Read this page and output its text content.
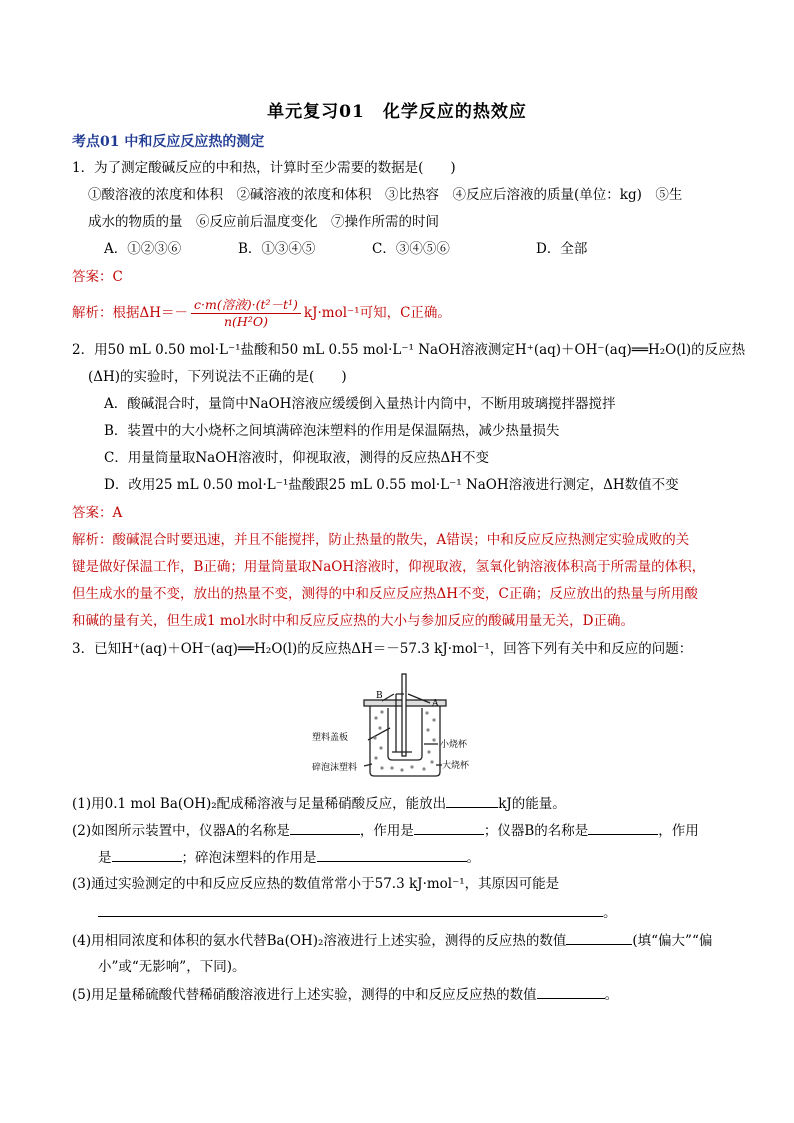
单元复习01　化学反应的热效应
考点01 中和反应反应热的测定
1．为了测定酸碱反应的中和热，计算时至少需要的数据是(　　)
①酸溶液的浓度和体积　②碱溶液的浓度和体积　③比热容　④反应后溶液的质量(单位：kg)　⑤生
成水的物质的量　⑥反应前后温度变化　⑦操作所需的时间
A．①②③⑥	B．①③④⑤	C．③④⑤⑥	D．全部
答案：C
解析：根据$\Delta H=- \frac{\text{c·m(溶液)·(t²－t¹)}}{\text{n(H²O)}} kJ\cdot mol^{-1}$可知，C正确。
2．用50 mL 0.50 mol·L⁻¹盐酸和50 mL 0.55 mol·L⁻¹ NaOH溶液测定H⁺(aq)＋OH⁻(aq)══H₂O(l)的反应热
(ΔH)的实验时，下列说法不正确的是(　　)
A．酸碱混合时，量筒中NaOH溶液应缓缓倒入量热计内筒中，不断用玻璃搅拌器搅拌
B．装置中的大小烧杯之间填满碎泡沫塑料的作用是保温隔热，减少热量损失
C．用量筒量取NaOH溶液时，仰视取液，测得的反应热ΔH不变
D．改用25 mL 0.50 mol·L⁻¹盐酸跟25 mL 0.55 mol·L⁻¹ NaOH溶液进行测定，ΔH数值不变
答案：A
解析：酸碱混合时要迅速，并且不能搅拌，防止热量的散失，A错误；中和反应反应热测定实验成败的关
键是做好保温工作，B正确；用量筒量取NaOH溶液时，仰视取液，氢氧化钠溶液体积高于所需量的体积，
但生成水的量不变，放出的热量不变，测得的中和反应反应热ΔH不变，C正确；反应放出的热量与所用酸
和碱的量有关，但生成1 mol水时中和反应反应热的大小与参加反应的酸碱用量无关，D正确。
3．已知H⁺(aq)＋OH⁻(aq)══H₂O(l)的反应热ΔH＝－57.3 kJ·mol⁻¹，回答下列有关中和反应的问题：
B
A
塑料盖板
小烧杯
碎泡沫塑料	大烧杯
(1)用0.1 mol Ba(OH)₂配成稀溶液与足量稀硝酸反应，能放出	kJ的能量。
(2)如图所示装置中，仪器A的名称是	，作用是	；仪器B的名称是	，作用
是	；碎泡沫塑料的作用是	。
(3)通过实验测定的中和反应反应热的数值常常小于57.3 kJ·mol⁻¹，其原因可能是
。
(4)用相同浓度和体积的氨水代替Ba(OH)₂溶液进行上述实验，测得的反应热的数值	(填“偏大”“偏
小”或“无影响”，下同)。
(5)用足量稀硫酸代替稀硝酸溶液进行上述实验，测得的中和反应反应热的数值	。
